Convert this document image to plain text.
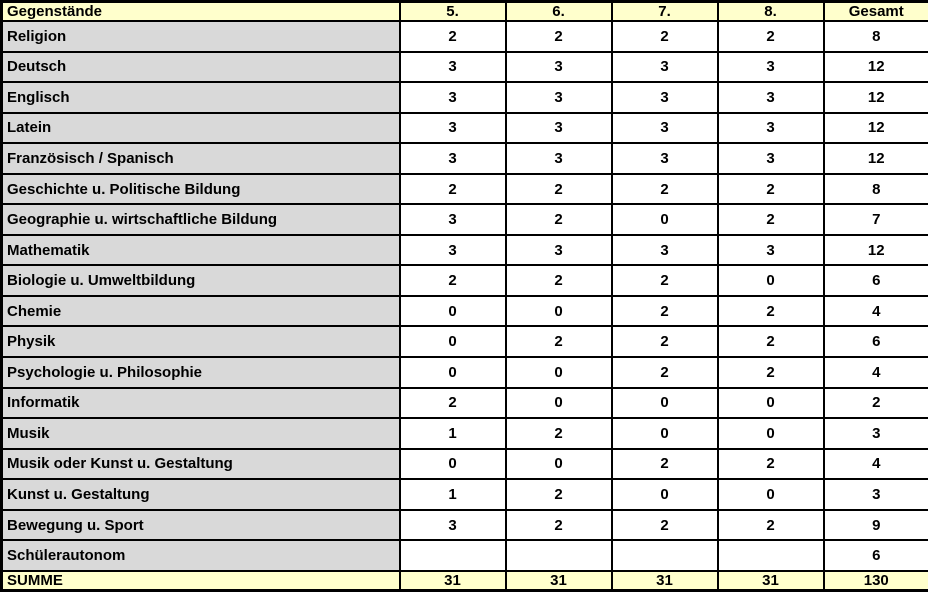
Gegenstände	5.	6.	7.	8.	Gesamt
Religion	2	2	2	2	8
Deutsch	3	3	3	3	12
Englisch	3	3	3	3	12
Latein	3	3	3	3	12
Französisch / Spanisch	3	3	3	3	12
Geschichte u. Politische Bildung	2	2	2	2	8
Geographie u. wirtschaftliche Bildung	3	2	0	2	7
Mathematik	3	3	3	3	12
Biologie u. Umweltbildung	2	2	2	0	6
Chemie	0	0	2	2	4
Physik	0	2	2	2	6
Psychologie u. Philosophie	0	0	2	2	4
Informatik	2	0	0	0	2
Musik	1	2	0	0	3
Musik oder Kunst u. Gestaltung	0	0	2	2	4
Kunst u. Gestaltung	1	2	0	0	3
Bewegung u. Sport	3	2	2	2	9
Schülerautonom					6
SUMME	31	31	31	31	130
